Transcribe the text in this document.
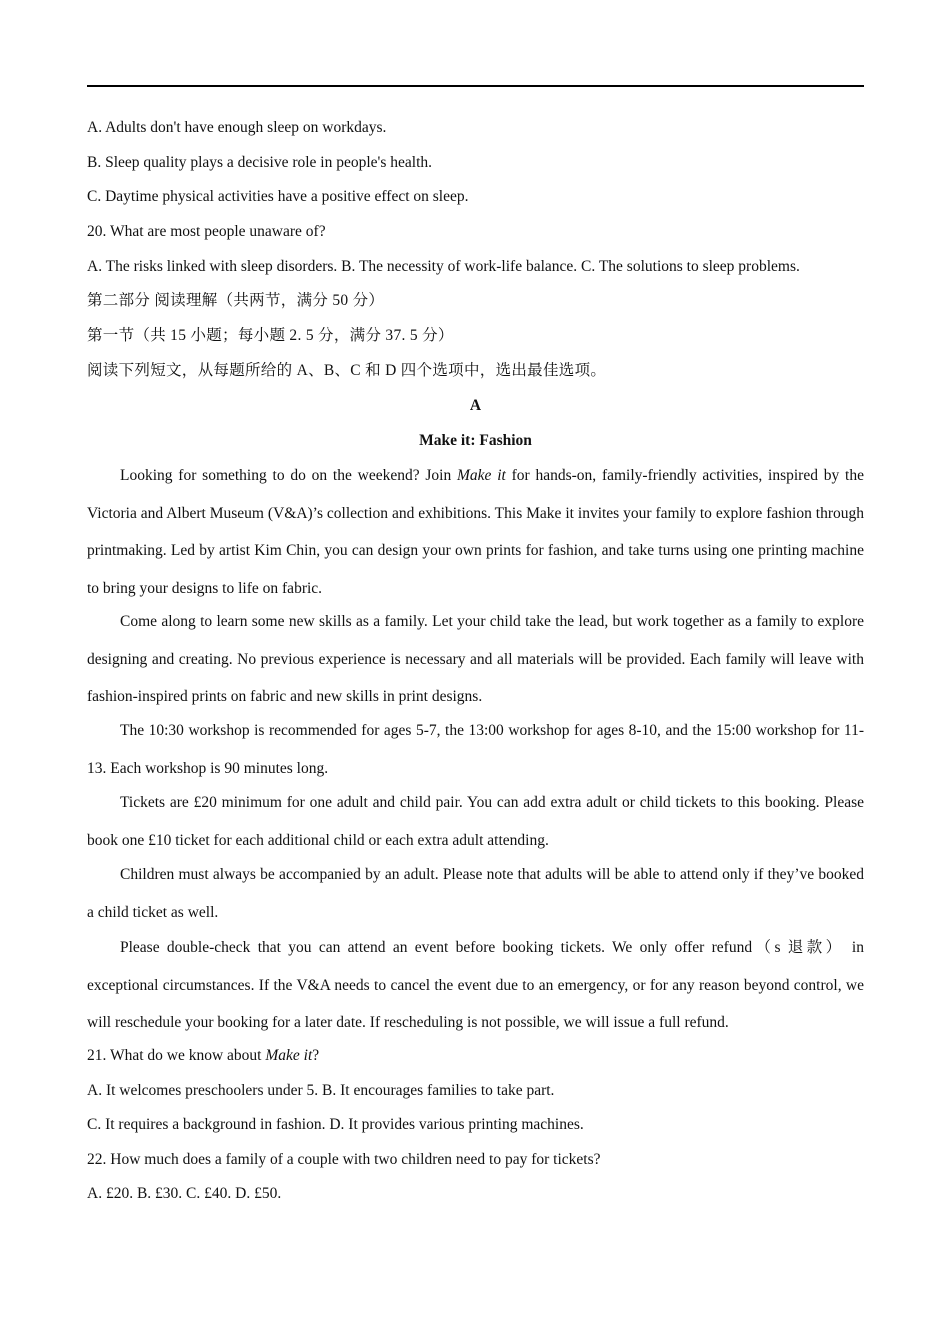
A. Adults don't have enough sleep on workdays.
B. Sleep quality plays a decisive role in people's health.
C. Daytime physical activities have a positive effect on sleep.
20. What are most people unaware of?
A. The risks linked with sleep disorders. B. The necessity of work-life balance. C. The solutions to sleep problems.
第二部分 阅读理解（共两节，满分 50 分）
第一节（共 15 小题；每小题 2. 5 分，满分 37. 5 分）
阅读下列短文，从每题所给的 A、B、C 和 D 四个选项中，选出最佳选项。
A
Make it: Fashion
Looking for something to do on the weekend? Join Make it for hands-on, family-friendly activities, inspired by the Victoria and Albert Museum (V&A)’s collection and exhibitions. This Make it invites your family to explore fashion through printmaking. Led by artist Kim Chin, you can design your own prints for fashion, and take turns using one printing machine to bring your designs to life on fabric.
Come along to learn some new skills as a family. Let your child take the lead, but work together as a family to explore designing and creating. No previous experience is necessary and all materials will be provided. Each family will leave with fashion-inspired prints on fabric and new skills in print designs.
The 10:30 workshop is recommended for ages 5-7, the 13:00 workshop for ages 8-10, and the 15:00 workshop for 11-13. Each workshop is 90 minutes long.
Tickets are £20 minimum for one adult and child pair. You can add extra adult or child tickets to this booking. Please book one £10 ticket for each additional child or each extra adult attending.
Children must always be accompanied by an adult. Please note that adults will be able to attend only if they’ve booked a child ticket as well.
Please double-check that you can attend an event before booking tickets. We only offer refund（s 退款） in exceptional circumstances. If the V&A needs to cancel the event due to an emergency, or for any reason beyond control, we will reschedule your booking for a later date. If rescheduling is not possible, we will issue a full refund.
21. What do we know about Make it?
A. It welcomes preschoolers under 5. B. It encourages families to take part.
C. It requires a background in fashion. D. It provides various printing machines.
22. How much does a family of a couple with two children need to pay for tickets?
A. £20. B. £30. C. £40. D. £50.
